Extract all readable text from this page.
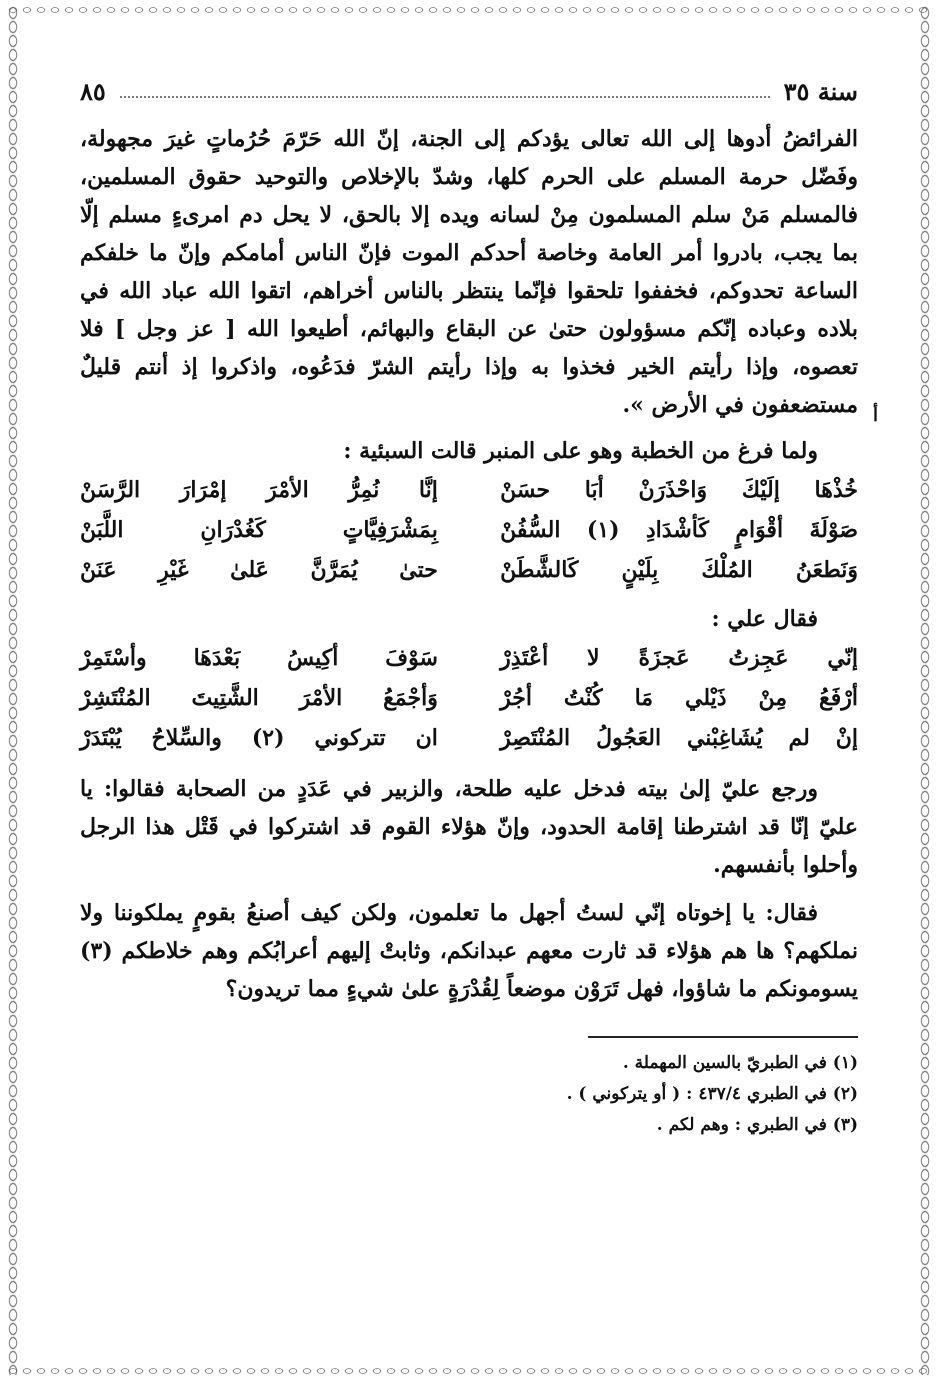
أ
سنة ٣٥
٨٥

الفرائضُ أدوها إلى الله تعالى يؤدكم إلى الجنة، إنّ الله حَرّمَ حُرُماتٍ غيرَ مجهولة، وفَضّل حرمة المسلم على الحرم كلها، وشدّ بالإخلاص والتوحيد حقوق المسلمين، فالمسلم مَنْ سلم المسلمون مِنْ لسانه ويده إلا بالحق، لا يحل دم امرىءٍ مسلم إلّا بما يجب، بادروا أمر العامة وخاصة أحدكم الموت فإنّ الناس أمامكم وإنّ ما خلفكم الساعة تحدوكم، فخففوا تلحقوا فإنّما ينتظر بالناس أخراهم، اتقوا الله عباد الله في بلاده وعباده إنّكم مسؤولون حتىٰ عن البقاع والبهائم، أطيعوا الله [ عز وجل ] فلا تعصوه، وإذا رأيتم الخير فخذوا به وإذا رأيتم الشرّ فدَعُوه، واذكروا إذ أنتم قليلٌ مستضعفون في الأرض ».

ولما فرغ من الخطبة وهو على المنبر قالت السبئية :
خُذْهَا إلَيْكَ وَاحْذَرَنْ أبَا حسَنْ
إنَّا نُمِرُّ الأمْرَ إمْرَارَ الرَّسَنْ
صَوْلَةَ أقْوَامٍ كَأشْدَادِ (١) السُّفُنْ
بِمَشْرَفِيَّاتٍ كَغُدْرَانِ اللَّبَنْ
وَنَطعَنُ المُلْكَ بِلَيْنٍ كَالشَّطَنْ
حتىٰ يُمَرَّنَّ عَلىٰ غَيْرِ عَنَنْ
فقال علي :
إنّي عَجِزتُ عَجزَةً لا أعْتَذِرْ
سَوْفَ أكِيسُ بَعْدَهَا وأسْتَمِرْ
أرْفَعُ مِنْ ذَيْلي مَا كُنْتُ أجُرْ
وَأجْمَعُ الأمْرَ الشَّتِيتَ المُنْتَشِرْ
إنْ لم يُشَاغِبْني العَجُولُ المُنْتَصِرْ
ان تتركوني (٢) والسِّلاحُ يُبْتَدَرْ

ورجع عليّ إلىٰ بيته فدخل عليه طلحة، والزبير في عَدَدٍ من الصحابة فقالوا: يا عليّ إنّا قد اشترطنا إقامة الحدود، وإنّ هؤلاء القوم قد اشتركوا في قَتْل هذا الرجل وأحلوا بأنفسهم.

فقال: يا إخوتاه إنّي لستُ أجهل ما تعلمون، ولكن كيف أصنعُ بقومٍ يملكوننا ولا نملكهم؟ ها هم هؤلاء قد ثارت معهم عبدانكم، وثابتْ إليهم أعرابُكم وهم خلاطكم (٣) يسومونكم ما شاؤوا، فهل تَرَوْن موضعاً لِقُدْرَةٍ علىٰ شيءٍ مما تريدون؟

(١) في الطبريّ بالسين المهملة .
(٢) في الطبري ٤٣٧/٤ : ( أو يتركوني ) .
(٣) في الطبري : وهم لكم .
